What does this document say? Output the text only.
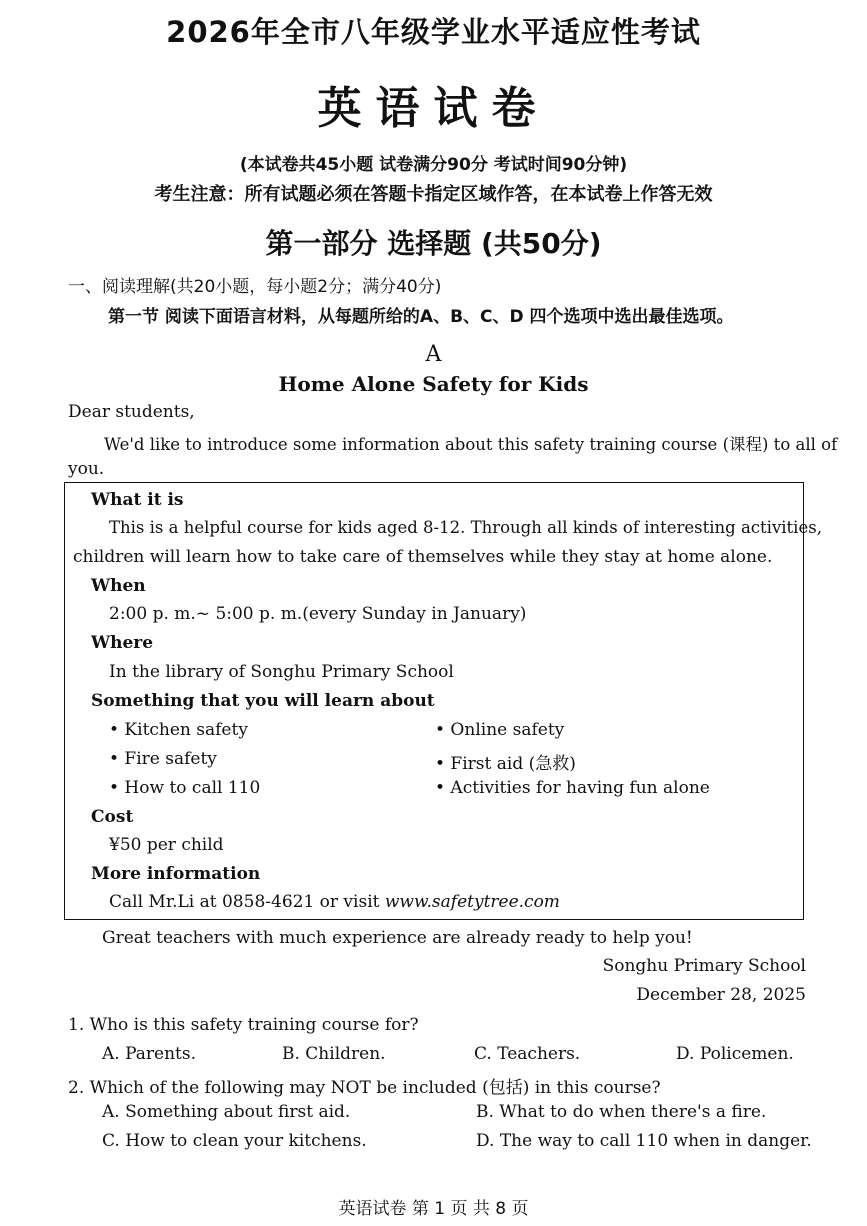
2026年全市八年级学业水平适应性考试
英语试卷
(本试卷共45小题 试卷满分90分 考试时间90分钟)
考生注意：所有试题必须在答题卡指定区域作答，在本试卷上作答无效
第一部分 选择题 (共50分)
一、阅读理解(共20小题，每小题2分；满分40分)
第一节 阅读下面语言材料，从每题所给的A、B、C、D 四个选项中选出最佳选项。
A
Home Alone Safety for Kids
Dear students,
We'd like to introduce some information about this safety training course (课程) to all of
you.
What it is
This is a helpful course for kids aged 8-12. Through all kinds of interesting activities,
children will learn how to take care of themselves while they stay at home alone.
When
2:00 p. m.~ 5:00 p. m.(every Sunday in January)
Where
In the library of Songhu Primary School
Something that you will learn about
• Kitchen safety	• Online safety
• Fire safety	• First aid (急救)
• How to call 110	• Activities for having fun alone
Cost
¥50 per child
More information
Call Mr.Li at 0858-4621 or visit www.safetytree.com
Great teachers with much experience are already ready to help you!
Songhu Primary School
December 28, 2025
1. Who is this safety training course for?
A. Parents.	B. Children.	C. Teachers.	D. Policemen.
2. Which of the following may NOT be included (包括) in this course?
A. Something about first aid.	B. What to do when there's a fire.
C. How to clean your kitchens.	D. The way to call 110 when in danger.
英语试卷 第 1 页 共 8 页
